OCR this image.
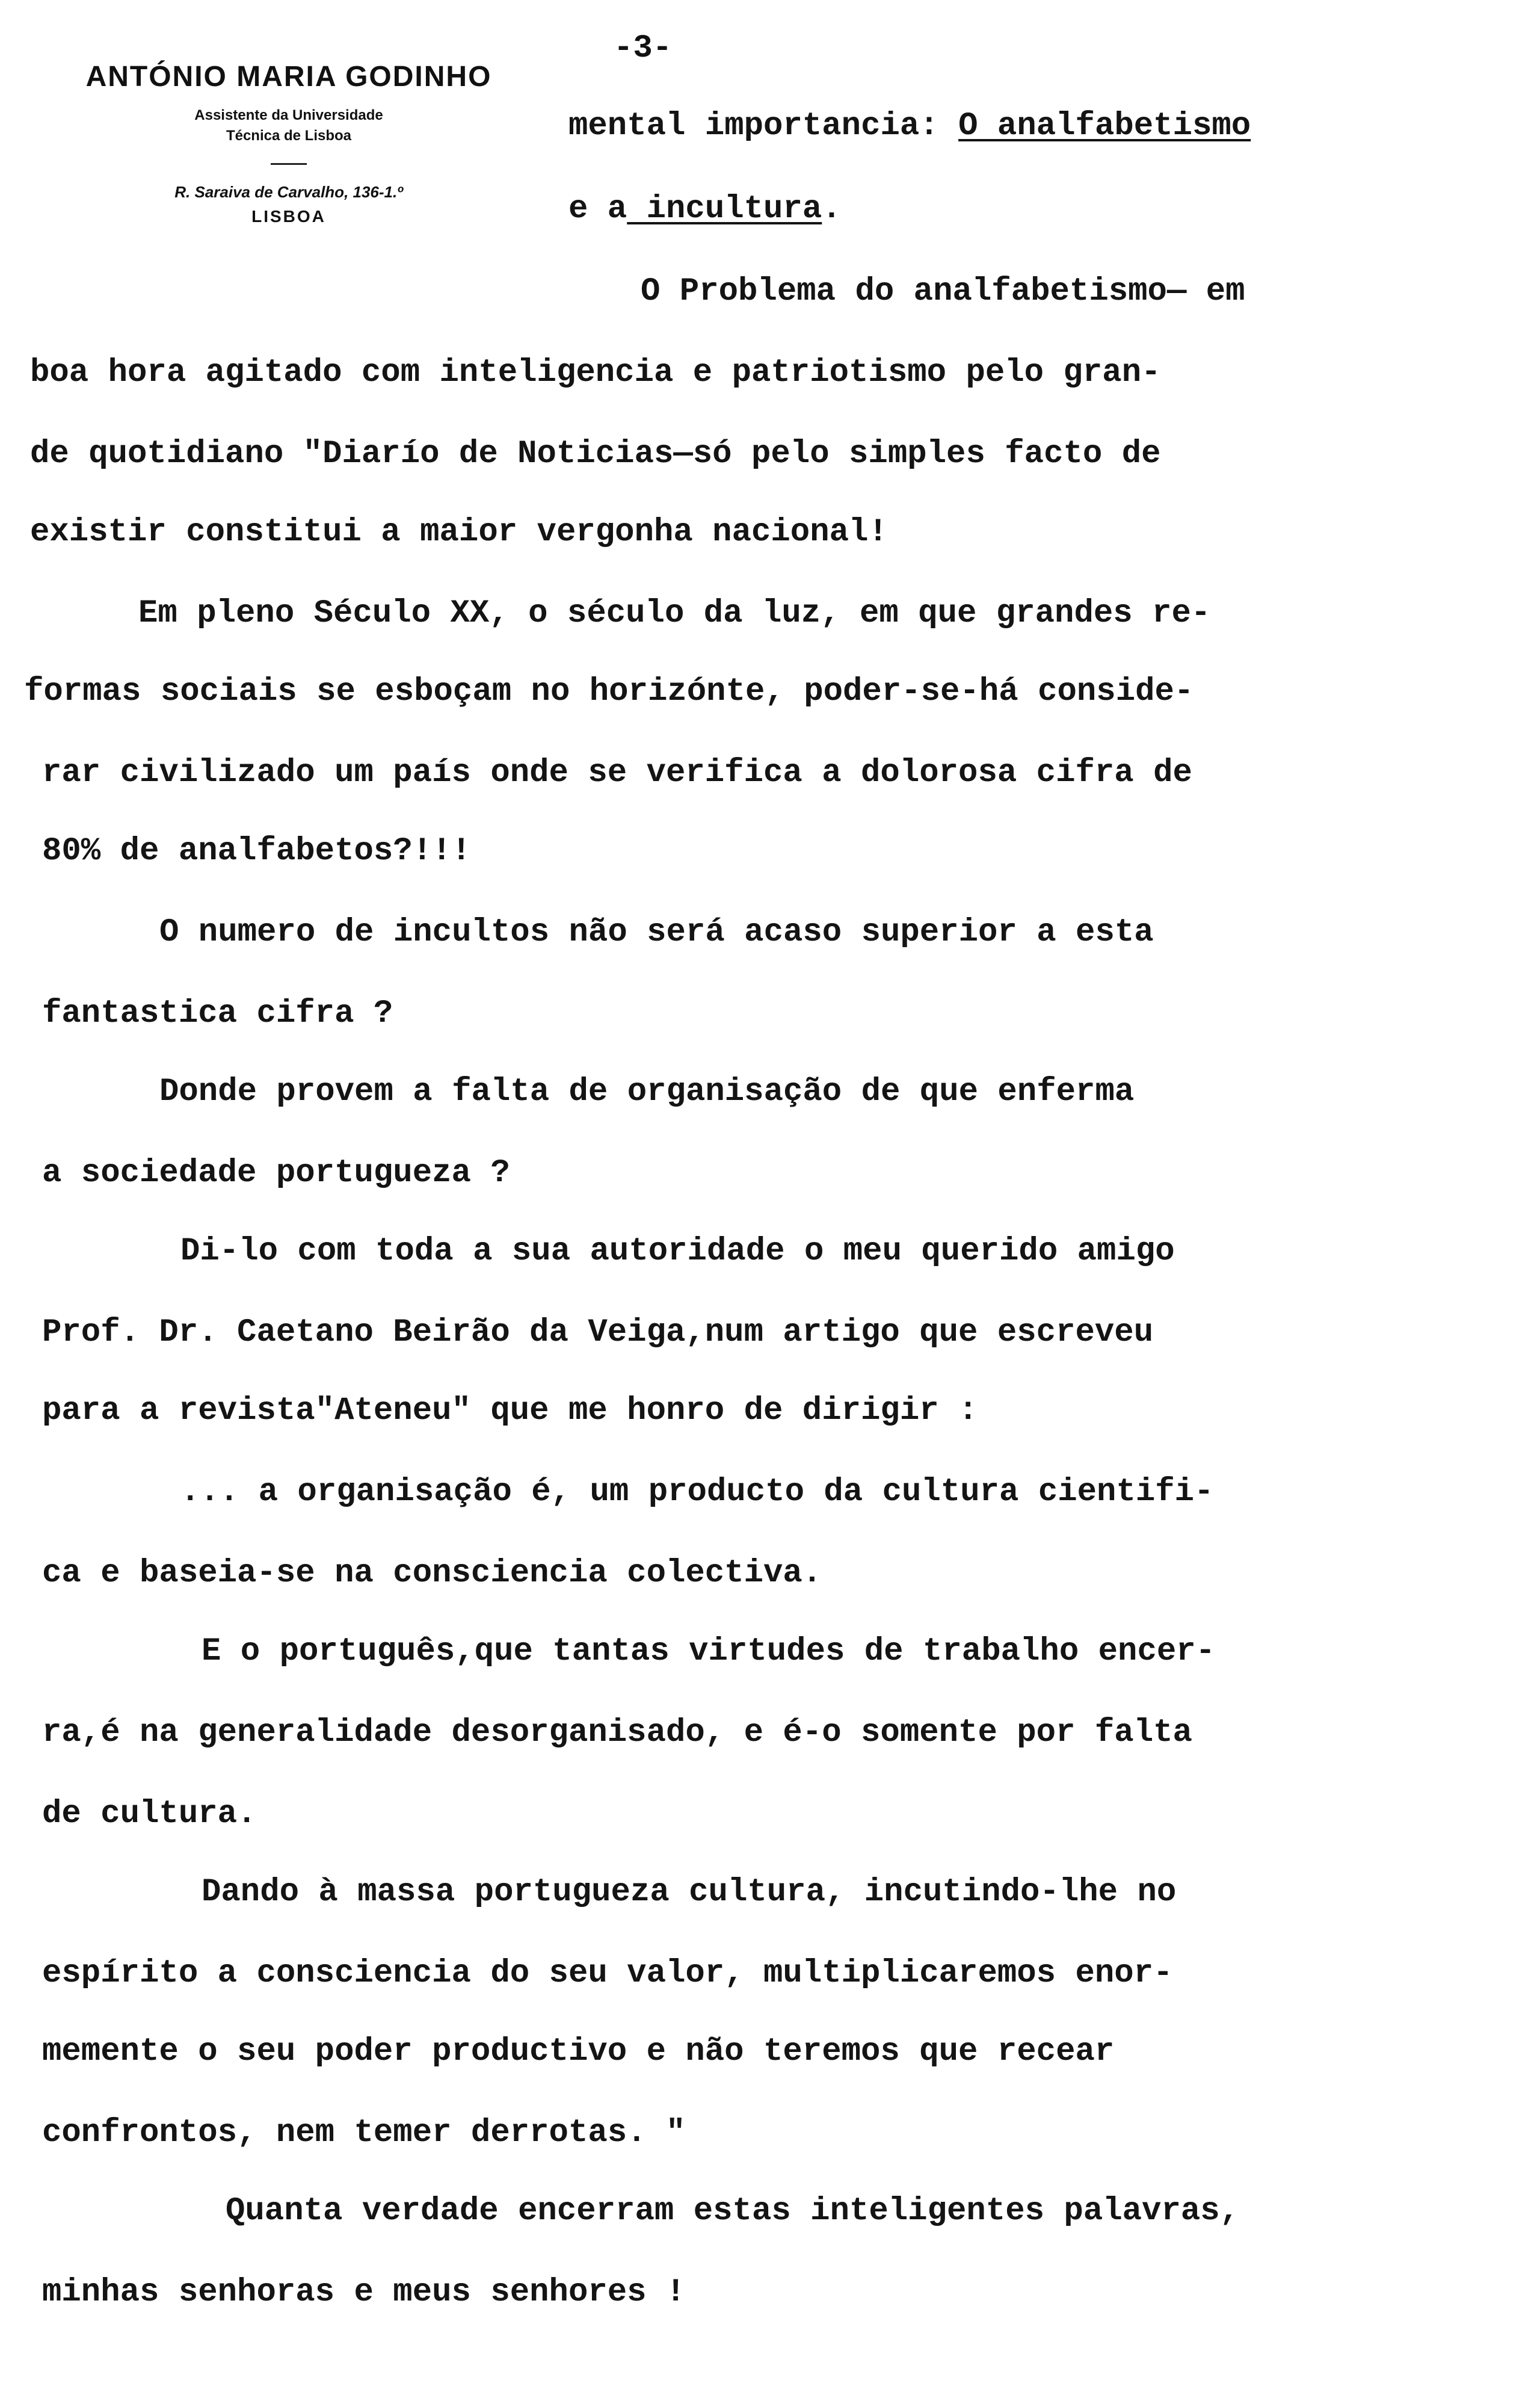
ANTÓNIO MARIA GODINHO
Assistente da Universidade
Técnica de Lisboa
R. Saraiva de Carvalho, 136-1.º
LISBOA
-3-
mental importancia: O analfabetismo
e a incultura.
O Problema do analfabetismo— em
boa hora agitado com inteligencia e patriotismo pelo gran-
de quotidiano "Diarío de Noticias—só pelo simples facto de
existir constitui a maior vergonha nacional!
Em pleno Século XX, o século da luz, em que grandes re-
formas sociais se esboçam no horizónte, poder-se-há conside-
rar civilizado um país onde se verifica a dolorosa cifra de
80% de analfabetos?!!!
O numero de incultos não será acaso superior a esta
fantastica cifra ?
Donde provem a falta de organisação de que enferma
a sociedade portugueza ?
Di-lo com toda a sua autoridade o meu querido amigo
Prof. Dr. Caetano Beirão da Veiga,num artigo que escreveu
para a revista"Ateneu" que me honro de dirigir :
... a organisação é, um producto da cultura cientifi-
ca e baseia-se na consciencia colectiva.
E o português,que tantas virtudes de trabalho encer-
ra,é na generalidade desorganisado, e é-o somente por falta
de cultura.
Dando à massa portugueza cultura, incutindo-lhe no
espírito a consciencia do seu valor, multiplicaremos enor-
memente o seu poder productivo e não teremos que recear
confrontos, nem temer derrotas. "
Quanta verdade encerram estas inteligentes palavras,
minhas senhoras e meus senhores !
